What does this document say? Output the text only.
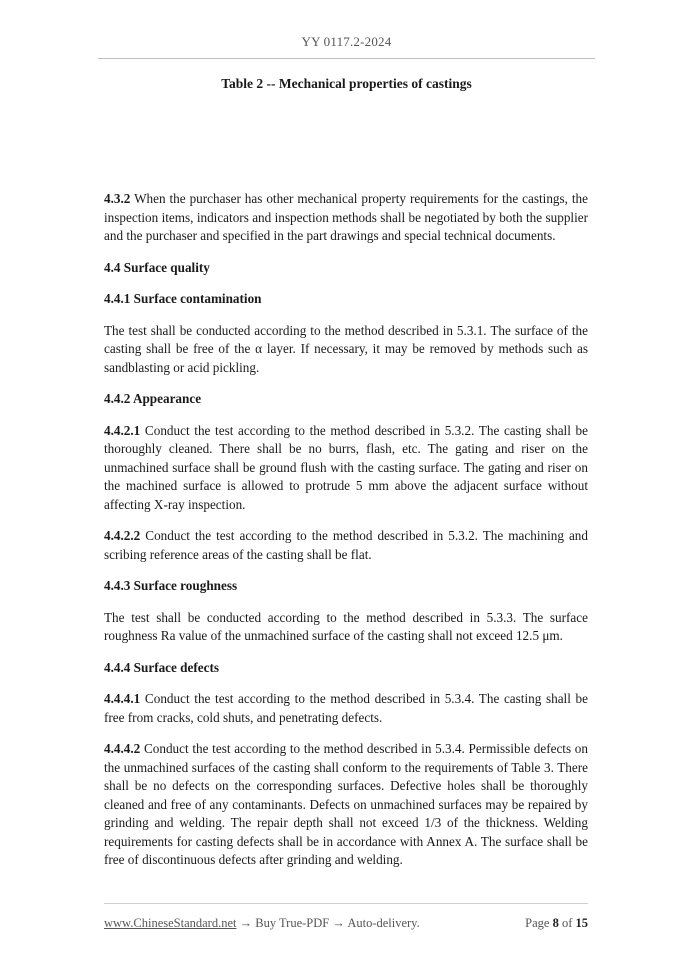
YY 0117.2-2024
Table 2 -- Mechanical properties of castings

4.3.2 When the purchaser has other mechanical property requirements for the castings, the inspection items, indicators and inspection methods shall be negotiated by both the supplier and the purchaser and specified in the part drawings and special technical documents.

4.4 Surface quality
4.4.1 Surface contamination

The test shall be conducted according to the method described in 5.3.1. The surface of the casting shall be free of the α layer. If necessary, it may be removed by methods such as sandblasting or acid pickling.

4.4.2 Appearance

4.4.2.1 Conduct the test according to the method described in 5.3.2. The casting shall be thoroughly cleaned. There shall be no burrs, flash, etc. The gating and riser on the unmachined surface shall be ground flush with the casting surface. The gating and riser on the machined surface is allowed to protrude 5 mm above the adjacent surface without affecting X-ray inspection.

4.4.2.2 Conduct the test according to the method described in 5.3.2. The machining and scribing reference areas of the casting shall be flat.

4.4.3 Surface roughness

The test shall be conducted according to the method described in 5.3.3. The surface roughness Ra value of the unmachined surface of the casting shall not exceed 12.5 μm.

4.4.4 Surface defects

4.4.4.1 Conduct the test according to the method described in 5.3.4. The casting shall be free from cracks, cold shuts, and penetrating defects.

4.4.4.2 Conduct the test according to the method described in 5.3.4. Permissible defects on the unmachined surfaces of the casting shall conform to the requirements of Table 3. There shall be no defects on the corresponding surfaces. Defective holes shall be thoroughly cleaned and free of any contaminants. Defects on unmachined surfaces may be repaired by grinding and welding. The repair depth shall not exceed 1/3 of the thickness. Welding requirements for casting defects shall be in accordance with Annex A. The surface shall be free of discontinuous defects after grinding and welding.

www.ChineseStandard.net → Buy True-PDF → Auto-delivery.	Page 8 of 15
